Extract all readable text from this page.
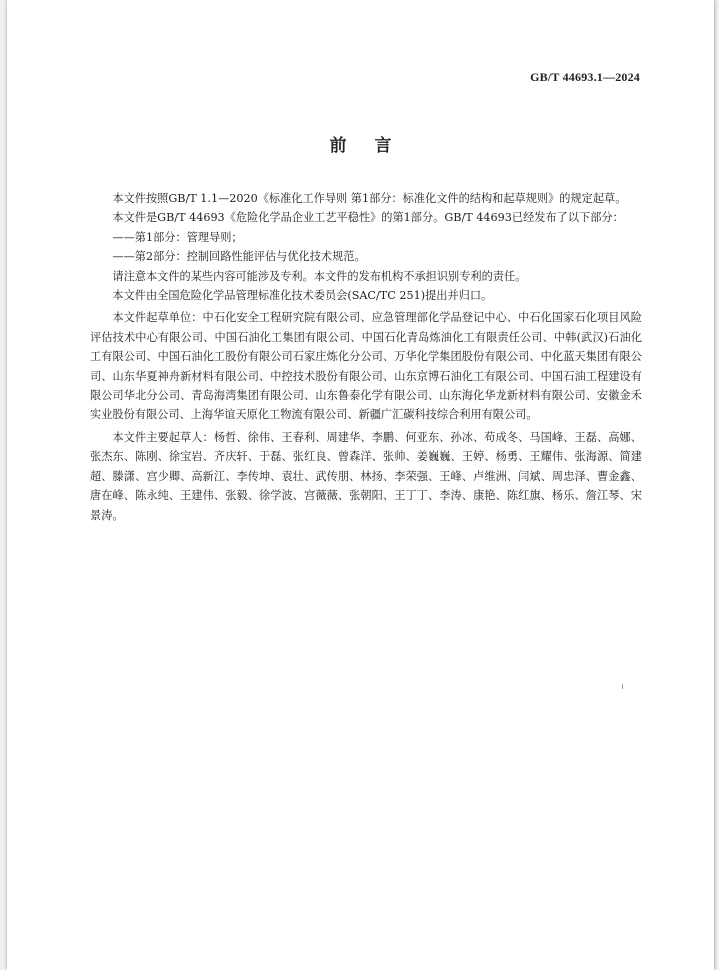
GB/T 44693.1—2024
前言

本文件按照GB/T 1.1—2020《标准化工作导则 第1部分：标准化文件的结构和起草规则》的规定起草。

本文件是GB/T 44693《危险化学品企业工艺平稳性》的第1部分。GB/T 44693已经发布了以下部分：

——第1部分：管理导则；

——第2部分：控制回路性能评估与优化技术规范。

请注意本文件的某些内容可能涉及专利。本文件的发布机构不承担识别专利的责任。

本文件由全国危险化学品管理标准化技术委员会(SAC/TC 251)提出并归口。

本文件起草单位：中石化安全工程研究院有限公司、应急管理部化学品登记中心、中石化国家石化项目风险评估技术中心有限公司、中国石油化工集团有限公司、中国石化青岛炼油化工有限责任公司、中韩(武汉)石油化工有限公司、中国石油化工股份有限公司石家庄炼化分公司、万华化学集团股份有限公司、中化蓝天集团有限公司、山东华夏神舟新材料有限公司、中控技术股份有限公司、山东京博石油化工有限公司、中国石油工程建设有限公司华北分公司、青岛海湾集团有限公司、山东鲁泰化学有限公司、山东海化华龙新材料有限公司、安徽金禾实业股份有限公司、上海华谊天原化工物流有限公司、新疆广汇碳科技综合利用有限公司。

本文件主要起草人：杨哲、徐伟、王春利、周建华、李鹏、何亚东、孙冰、苟成冬、马国峰、王磊、高娜、张杰东、陈刚、徐宝岩、齐庆轩、于磊、张红良、曾森洋、张帅、姜巍巍、王婷、杨勇、王耀伟、张海源、简建超、滕潇、宫少卿、高新江、李传坤、袁壮、武传朋、林扬、李荣强、王峰、卢维洲、闫斌、周忠泽、曹金鑫、唐在峰、陈永纯、王建伟、张毅、徐学波、宫薇薇、张朝阳、王丁丁、李涛、康艳、陈红旗、杨乐、詹江琴、宋景涛。
